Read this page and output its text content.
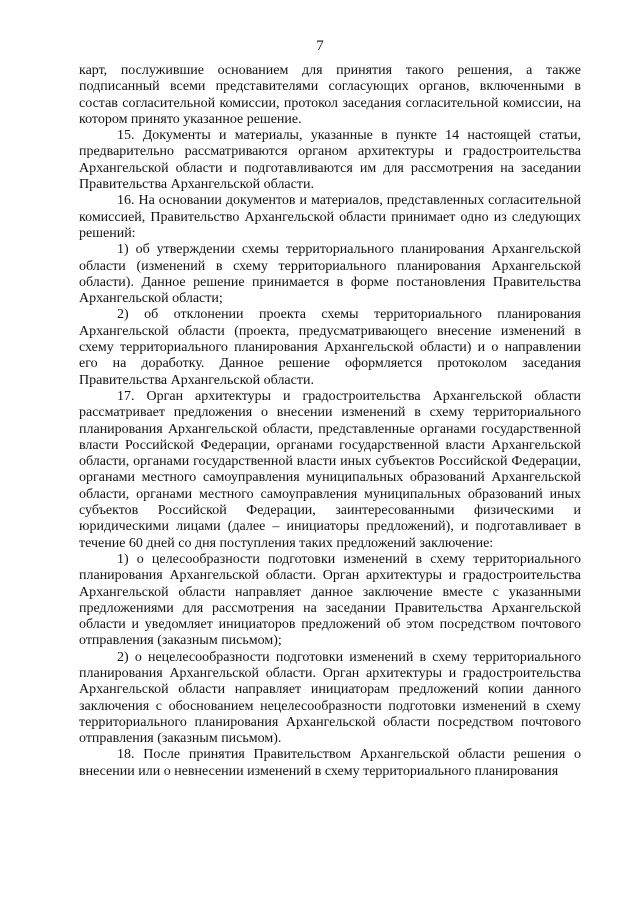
7

карт, послужившие основанием для принятия такого решения, а также подписанный всеми представителями согласующих органов, включенными в состав согласительной комиссии, протокол заседания согласительной комиссии, на котором принято указанное решение.

15. Документы и материалы, указанные в пункте 14 настоящей статьи, предварительно рассматриваются органом архитектуры и градостроительства Архангельской области и подготавливаются им для рассмотрения на заседании Правительства Архангельской области.

16. На основании документов и материалов, представленных согласительной комиссией, Правительство Архангельской области принимает одно из следующих решений:

1) об утверждении схемы территориального планирования Архангельской области (изменений в схему территориального планирования Архангельской области). Данное решение принимается в форме постановления Правительства Архангельской области;

2) об отклонении проекта схемы территориального планирования Архангельской области (проекта, предусматривающего внесение изменений в схему территориального планирования Архангельской области) и о направлении его на доработку. Данное решение оформляется протоколом заседания Правительства Архангельской области.

17. Орган архитектуры и градостроительства Архангельской области рассматривает предложения о внесении изменений в схему территориального планирования Архангельской области, представленные органами государственной власти Российской Федерации, органами государственной власти Архангельской области, органами государственной власти иных субъектов Российской Федерации, органами местного самоуправления муниципальных образований Архангельской области, органами местного самоуправления муниципальных образований иных субъектов Российской Федерации, заинтересованными физическими и юридическими лицами (далее – инициаторы предложений), и подготавливает в течение 60 дней со дня поступления таких предложений заключение:

1) о целесообразности подготовки изменений в схему территориального планирования Архангельской области. Орган архитектуры и градостроительства Архангельской области направляет данное заключение вместе с указанными предложениями для рассмотрения на заседании Правительства Архангельской области и уведомляет инициаторов предложений об этом посредством почтового отправления (заказным письмом);

2) о нецелесообразности подготовки изменений в схему территориального планирования Архангельской области. Орган архитектуры и градостроительства Архангельской области направляет инициаторам предложений копии данного заключения с обоснованием нецелесообразности подготовки изменений в схему территориального планирования Архангельской области посредством почтового отправления (заказным письмом).

18. После принятия Правительством Архангельской области решения о внесении или о невнесении изменений в схему территориального планирования
